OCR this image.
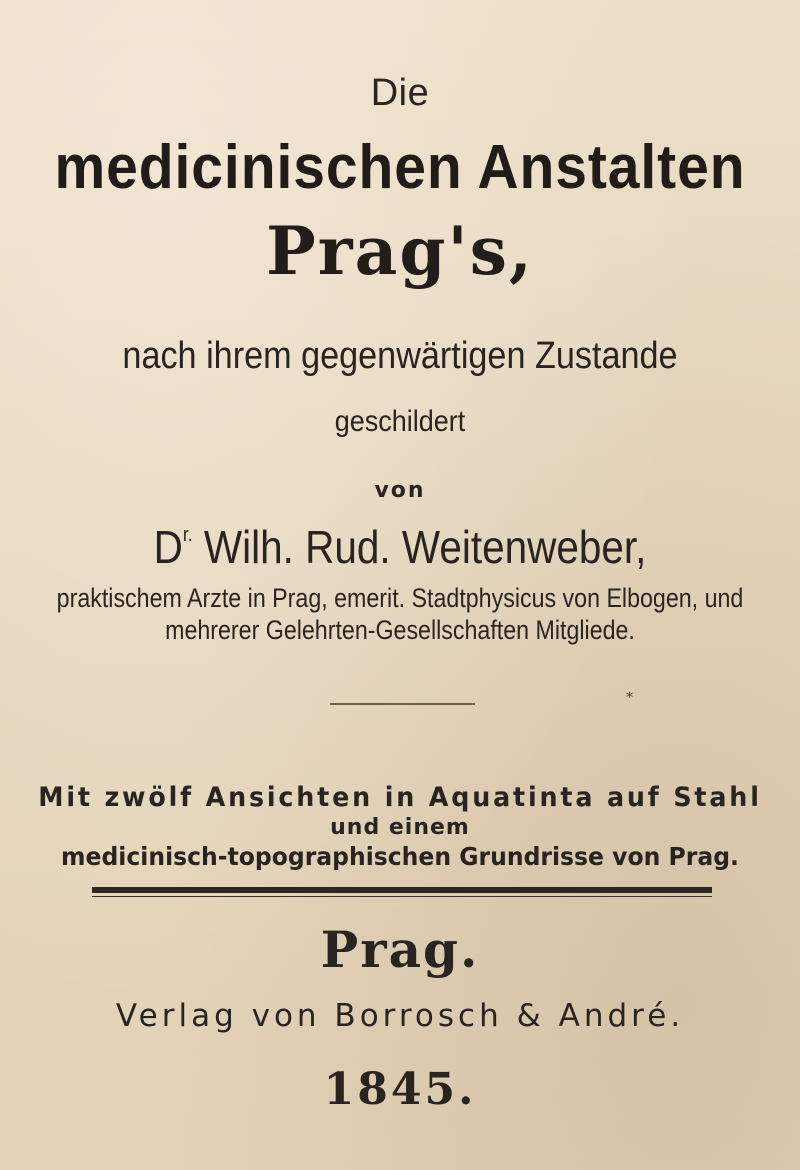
Die
medicinischen Anstalten
Prag's,
nach ihrem gegenwärtigen Zustande
geschildert
von
$D^{r.}$ Wilh. Rud. Weitenweber,
praktischem Arzte in Prag, emerit. Stadtphysicus von Elbogen, und
mehrerer Gelehrten-Gesellschaften Mitgliede.
*
Mit zwölf Ansichten in Aquatinta auf Stahl
und einem
medicinisch-topographischen Grundrisse von Prag.
Prag.
Verlag von Borrosch & André.
1845.
